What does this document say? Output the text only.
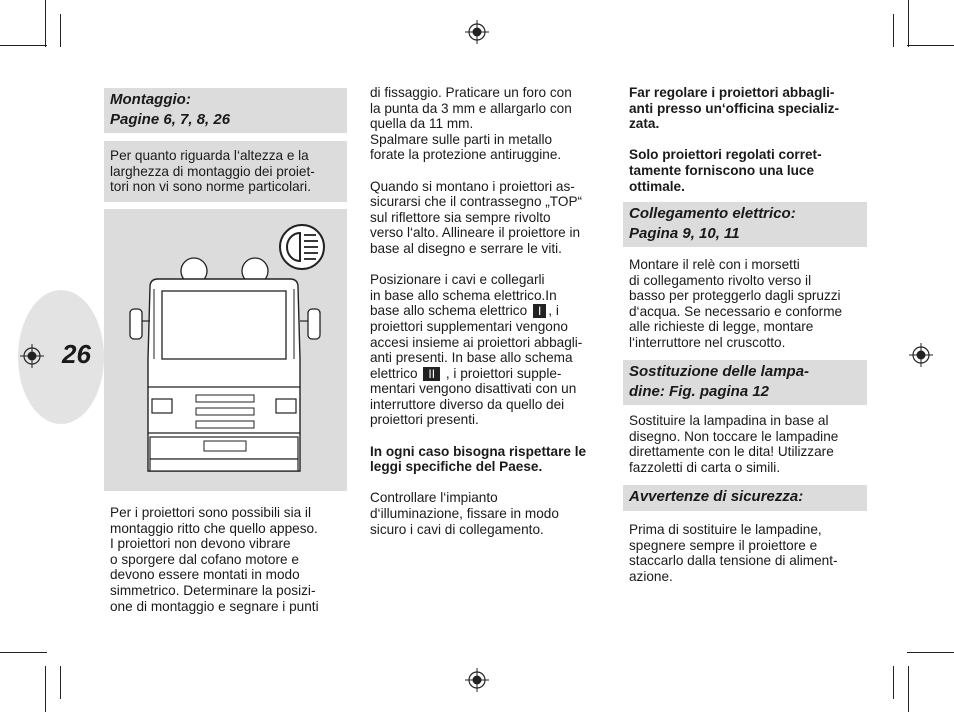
26
Montaggio:
Pagine 6, 7, 8, 26

Per quanto riguarda l‘altezza e la

larghezza di montaggio dei proiet-

tori non vi sono norme particolari.

Per i proiettori sono possibili sia il

montaggio ritto che quello appeso.

I proiettori non devono vibrare

o sporgere dal cofano motore e

devono essere montati in modo

simmetrico. Determinare la posizi-

one di montaggio e segnare i punti

di fissaggio. Praticare un foro con

la punta da 3 mm e allargarlo con

quella da 11 mm.

Spalmare sulle parti in metallo

forate la protezione antiruggine.

Quando si montano i proiettori as-

sicurarsi che il contrassegno „TOP“

sul riflettore sia sempre rivolto

verso l‘alto. Allineare il proiettore in

base al disegno e serrare le viti.

Posizionare i cavi e collegarli

in base allo schema elettrico.In

base allo schema elettrico I , i

proiettori supplementari vengono

accesi insieme ai proiettori abbagli-

anti presenti. In base allo schema

elettrico II , i proiettori supple-

mentari vengono disattivati con un

interruttore diverso da quello dei

proiettori presenti.

In ogni caso bisogna rispettare le

leggi specifiche del Paese.

Controllare l‘impianto

d‘illuminazione, fissare in modo

sicuro i cavi di collegamento.

Far regolare i proiettori abbagli-

anti presso un‘officina specializ-

zata.

Solo proiettori regolati corret-

tamente forniscono una luce

ottimale.

Collegamento elettrico:
Pagina 9, 10, 11

Montare il relè con i morsetti

di collegamento rivolto verso il

basso per proteggerlo dagli spruzzi

d‘acqua. Se necessario e conforme

alle richieste di legge, montare

l‘interruttore nel cruscotto.

Sostituzione delle lampa-
dine: Fig. pagina 12

Sostituire la lampadina in base al

disegno. Non toccare le lampadine

direttamente con le dita! Utilizzare

fazzoletti di carta o simili.

Avvertenze di sicurezza:

Prima di sostituire le lampadine,

spegnere sempre il proiettore e

staccarlo dalla tensione di aliment-

azione.
